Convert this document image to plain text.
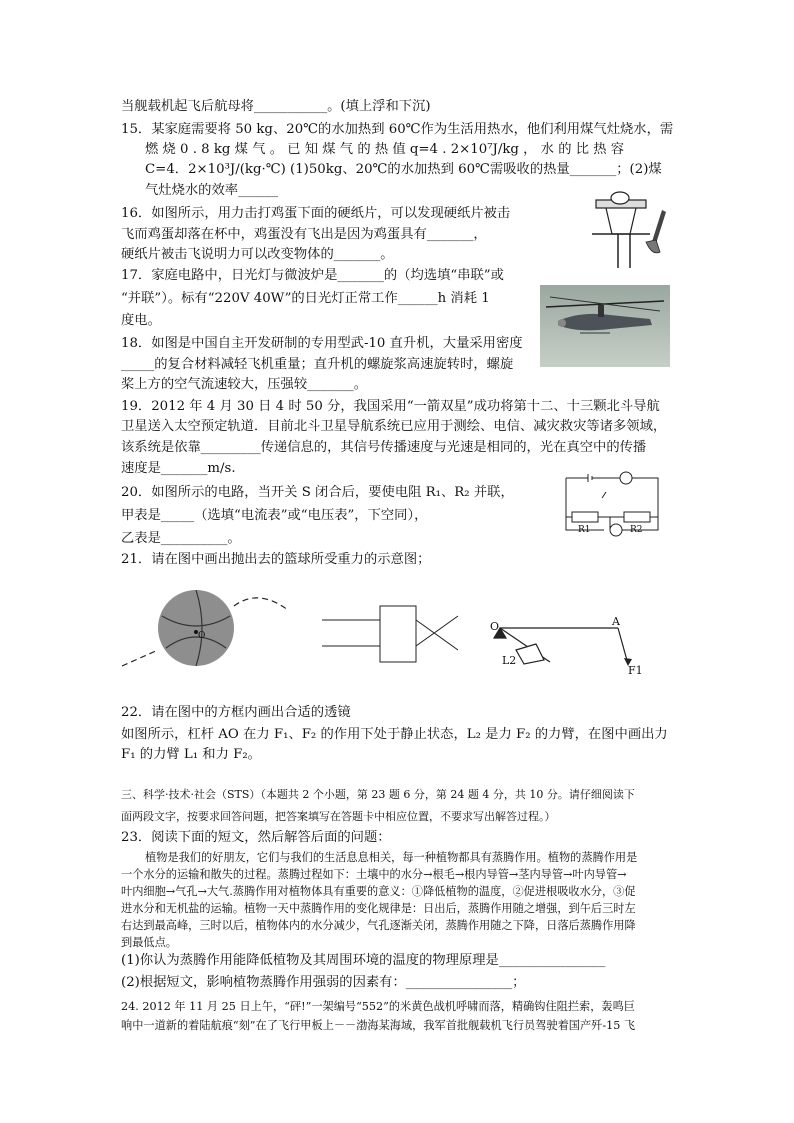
当舰载机起飞后航母将___________。(填上浮和下沉)
15．某家庭需要将 50 kg、20℃的水加热到 60℃作为生活用热水，他们利用煤气灶烧水，需
燃 烧 0 . 8 kg 煤 气 。 已 知 煤 气 的 热 值 q=4 . 2×10⁷J/kg ， 水 的 比 热 容
C=4．2×10³J/(kg·℃) (1)50kg、20℃的水加热到 60℃需吸收的热量_______；(2)煤
气灶烧水的效率______
16．如图所示，用力击打鸡蛋下面的硬纸片，可以发现硬纸片被击
飞而鸡蛋却落在杯中，鸡蛋没有飞出是因为鸡蛋具有_______，
硬纸片被击飞说明力可以改变物体的_______。
17．家庭电路中，日光灯与微波炉是_______的（均选填“串联”或
“并联”）。标有“220V 40W”的日光灯正常工作______h 消耗 1
度电。
18．如图是中国自主开发研制的专用型武-10 直升机，大量采用密度
_____的复合材料减轻飞机重量；直升机的螺旋浆高速旋转时，螺旋
桨上方的空气流速较大，压强较_______。
19．2012 年 4 月 30 日 4 时 50 分，我国采用“一箭双星”成功将第十二、十三颗北斗导航
卫星送入太空预定轨道．目前北斗卫星导航系统已应用于测绘、电信、减灾救灾等诸多领域，
该系统是依靠_________传递信息的，其信号传播速度与光速是相同的，光在真空中的传播
速度是_______m/s.
20．如图所示的电路，当开关 S 闭合后，要使电阻 R₁、R₂ 并联，
甲表是_____（选填“电流表”或“电压表”，下空同），
乙表是__________。
21．请在图中画出抛出去的篮球所受重力的示意图；
22．请在图中的方框内画出合适的透镜
如图所示，杠杆 AO 在力 F₁、F₂ 的作用下处于静止状态，L₂ 是力 F₂ 的力臂，在图中画出力
F₁ 的力臂 L₁ 和力 F₂。
三、科学·技术·社会（STS）（本题共 2 个小题，第 23 题 6 分，第 24 题 4 分，共 10 分。请仔细阅读下
面两段文字，按要求回答问题，把答案填写在答题卡中相应位置，不要求写出解答过程。）
23．阅读下面的短文，然后解答后面的问题：
植物是我们的好朋友，它们与我们的生活息息相关，每一种植物都具有蒸腾作用。植物的蒸腾作用是
一个水分的运输和散失的过程。蒸腾过程如下：土壤中的水分→根毛→根内导管→茎内导管→叶内导管→
叶内细胞→气孔→大气.蒸腾作用对植物体具有重要的意义：①降低植物的温度，②促进根吸收水分，③促
进水分和无机盐的运输。植物一天中蒸腾作用的变化规律是：日出后，蒸腾作用随之增强，到午后三时左
右达到最高峰，三时以后，植物体内的水分减少，气孔逐渐关闭，蒸腾作用随之下降，日落后蒸腾作用降
到最低点。
(1)你认为蒸腾作用能降低植物及其周围环境的温度的物理原理是________________
(2)根据短文，影响植物蒸腾作用强弱的因素有：________________；
24. 2012 年 11 月 25 日上午，“砰!”一架编号“552”的米黄色战机呼啸而落，精确钩住阻拦索，轰鸣巨
响中一道新的着陆航痕“刻”在了飞行甲板上－－渤海某海域，我军首批舰载机飞行员驾驶着国产歼-15 飞
R1	R2
O
O	A
L2
F1
